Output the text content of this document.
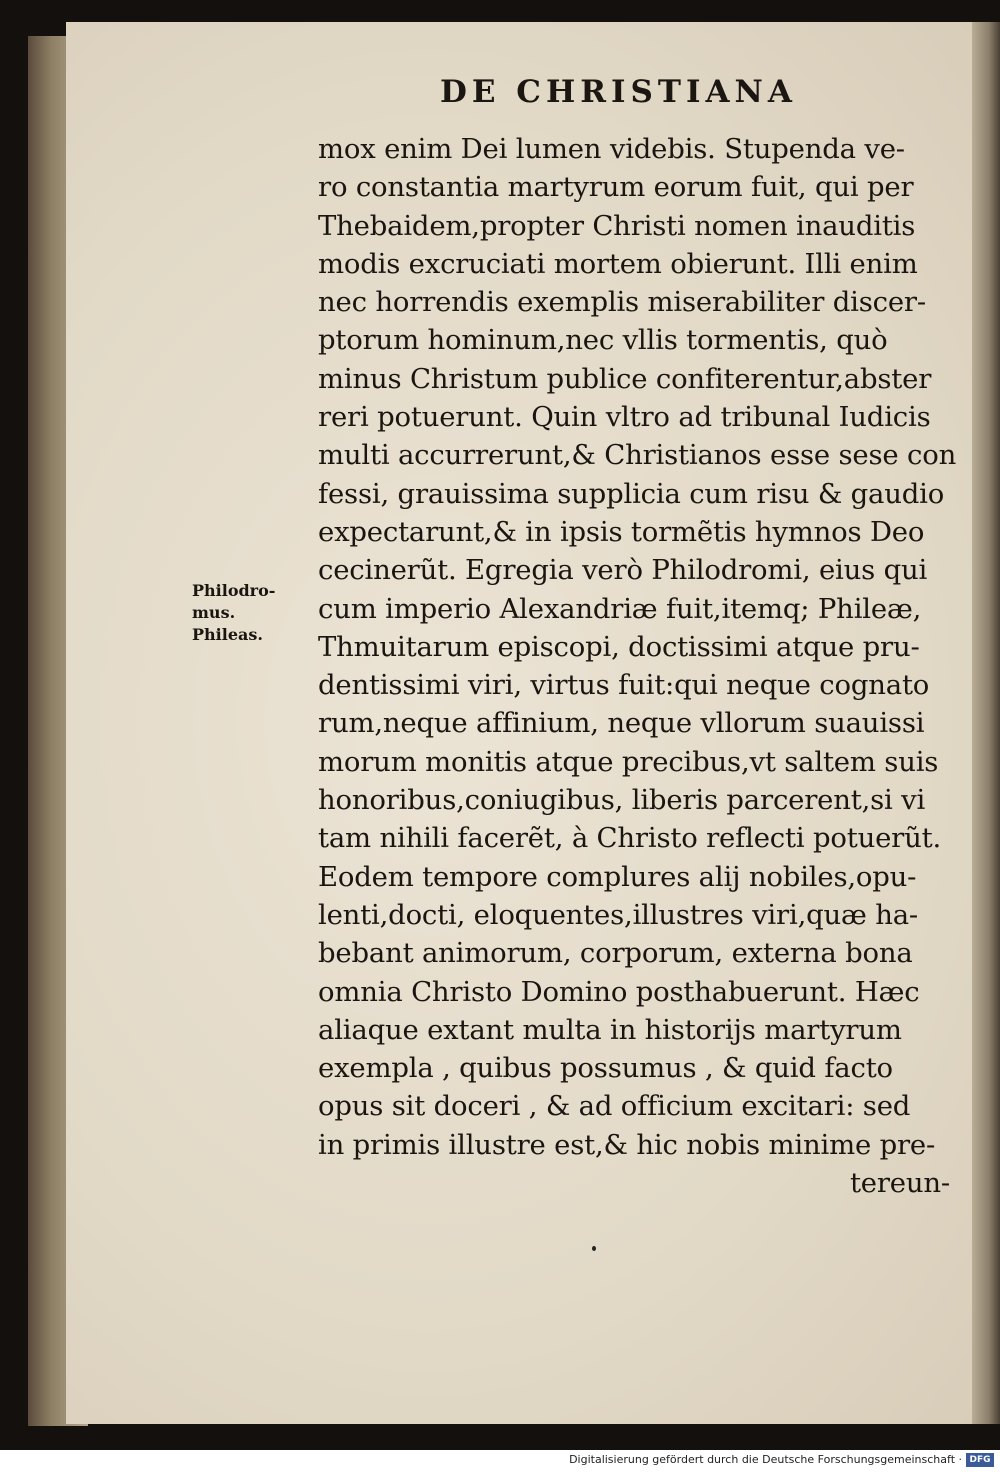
DE CHRISTIANA
Philodro-
mus.
Phileas.
mox enim Dei lumen videbis. Stupenda ve-
ro constantia martyrum eorum fuit, qui per
Thebaidem,propter Christi nomen inauditis
modis excruciati mortem obierunt. Illi enim
nec horrendis exemplis miserabiliter discer-
ptorum hominum,nec vllis tormentis, quò
minus Christum publice confiterentur,abster
reri potuerunt. Quin vltro ad tribunal Iudicis
multi accurrerunt,& Christianos esse sese con
fessi, grauissima supplicia cum risu & gaudio
expectarunt,& in ipsis tormẽtis hymnos Deo
cecinerũt. Egregia verò Philodromi, eius qui
cum imperio Alexandriæ fuit,itemq; Phileæ,
Thmuitarum episcopi, doctissimi atque pru-
dentissimi viri, virtus fuit:qui neque cognato
rum,neque affinium, neque vllorum suauissi
morum monitis atque precibus,vt saltem suis
honoribus,coniugibus, liberis parcerent,si vi
tam nihili facerẽt, à Christo reflecti potuerũt.
Eodem tempore complures alij nobiles,opu-
lenti,docti, eloquentes,illustres viri,quæ ha-
bebant animorum, corporum, externa bona
omnia Christo Domino posthabuerunt. Hæc
aliaque extant multa in historijs martyrum
exempla , quibus possumus , & quid facto
opus sit doceri , & ad officium excitari: sed
in primis illustre est,& hic nobis minime pre-
tereun-
Digitalisierung gefördert durch die Deutsche Forschungsgemeinschaft · DFG
